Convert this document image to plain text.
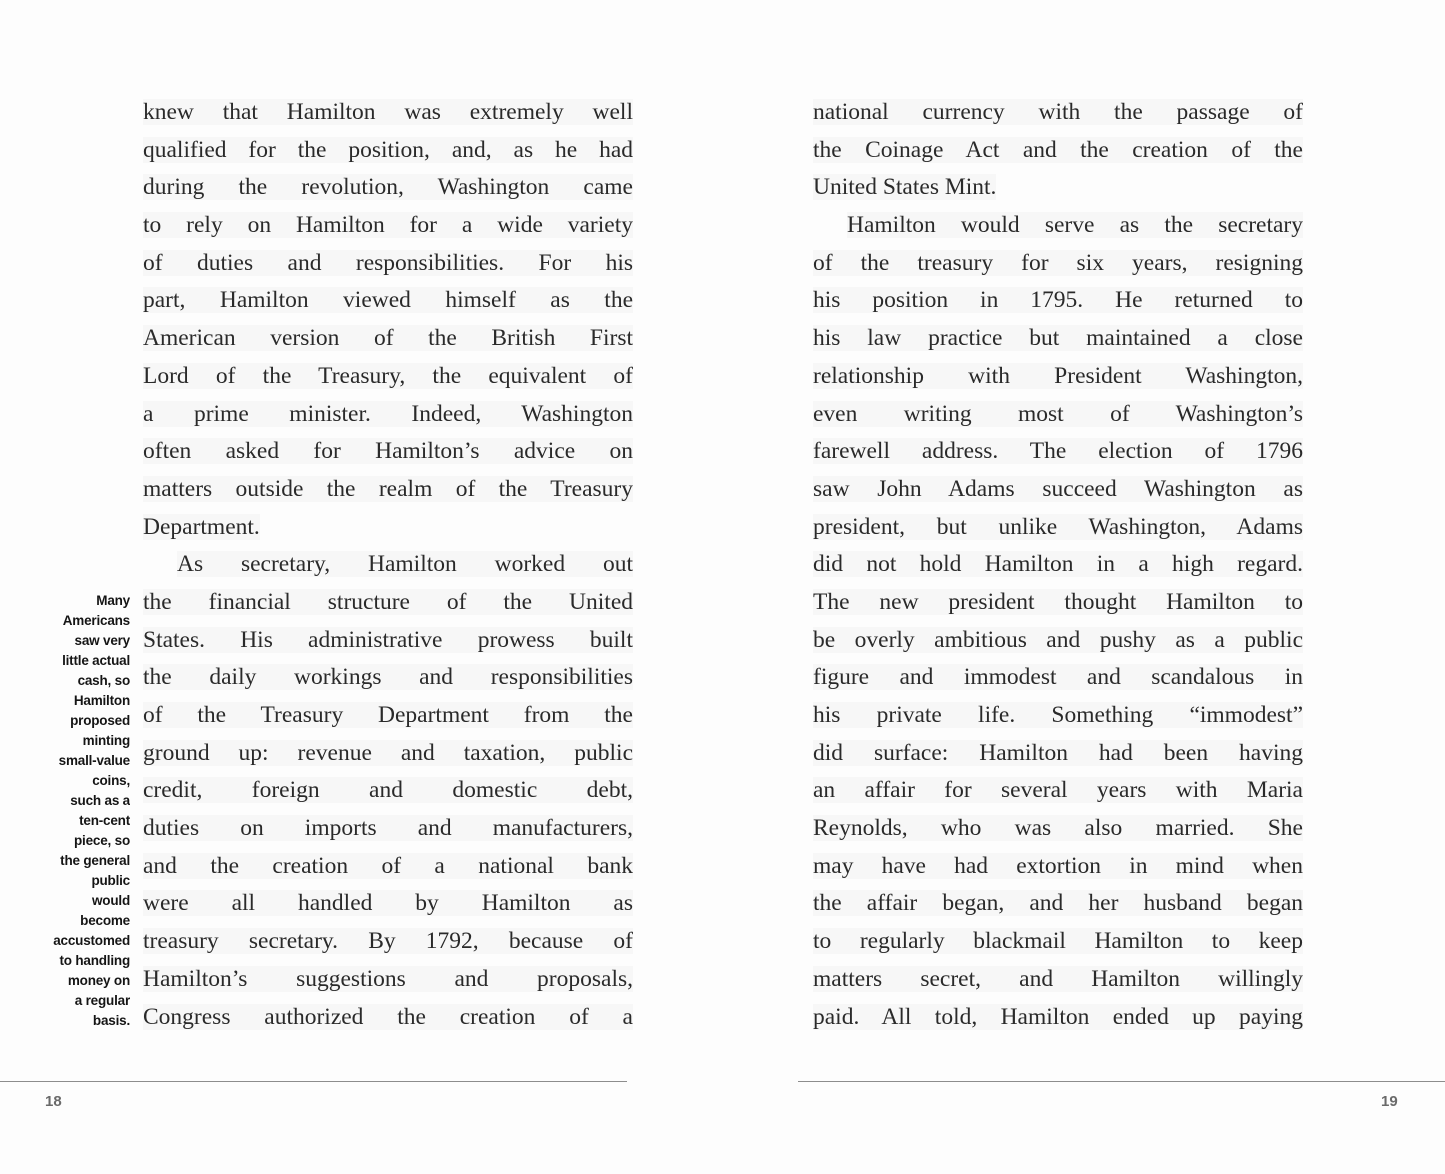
Many
Americans
saw very
little actual
cash, so
Hamilton
proposed
minting
small-value
coins,
such as a
ten-cent
piece, so
the general
public
would
become
accustomed
to handling
money on
a regular
basis.
knew that Hamilton was extremely well
qualified for the position, and, as he had
during the revolution, Washington came
to rely on Hamilton for a wide variety
of duties and responsibilities. For his
part, Hamilton viewed himself as the
American version of the British First
Lord of the Treasury, the equivalent of
a prime minister. Indeed, Washington
often asked for Hamilton’s advice on
matters outside the realm of the Treasury
Department.
As secretary, Hamilton worked out
the financial structure of the United
States. His administrative prowess built
the daily workings and responsibilities
of the Treasury Department from the
ground up: revenue and taxation, public
credit, foreign and domestic debt,
duties on imports and manufacturers,
and the creation of a national bank
were all handled by Hamilton as
treasury secretary. By 1792, because of
Hamilton’s suggestions and proposals,
Congress authorized the creation of a
national currency with the passage of
the Coinage Act and the creation of the
United States Mint.
Hamilton would serve as the secretary
of the treasury for six years, resigning
his position in 1795. He returned to
his law practice but maintained a close
relationship with President Washington,
even writing most of Washington’s
farewell address. The election of 1796
saw John Adams succeed Washington as
president, but unlike Washington, Adams
did not hold Hamilton in a high regard.
The new president thought Hamilton to
be overly ambitious and pushy as a public
figure and immodest and scandalous in
his private life. Something “immodest”
did surface: Hamilton had been having
an affair for several years with Maria
Reynolds, who was also married. She
may have had extortion in mind when
the affair began, and her husband began
to regularly blackmail Hamilton to keep
matters secret, and Hamilton willingly
paid. All told, Hamilton ended up paying
18	19
